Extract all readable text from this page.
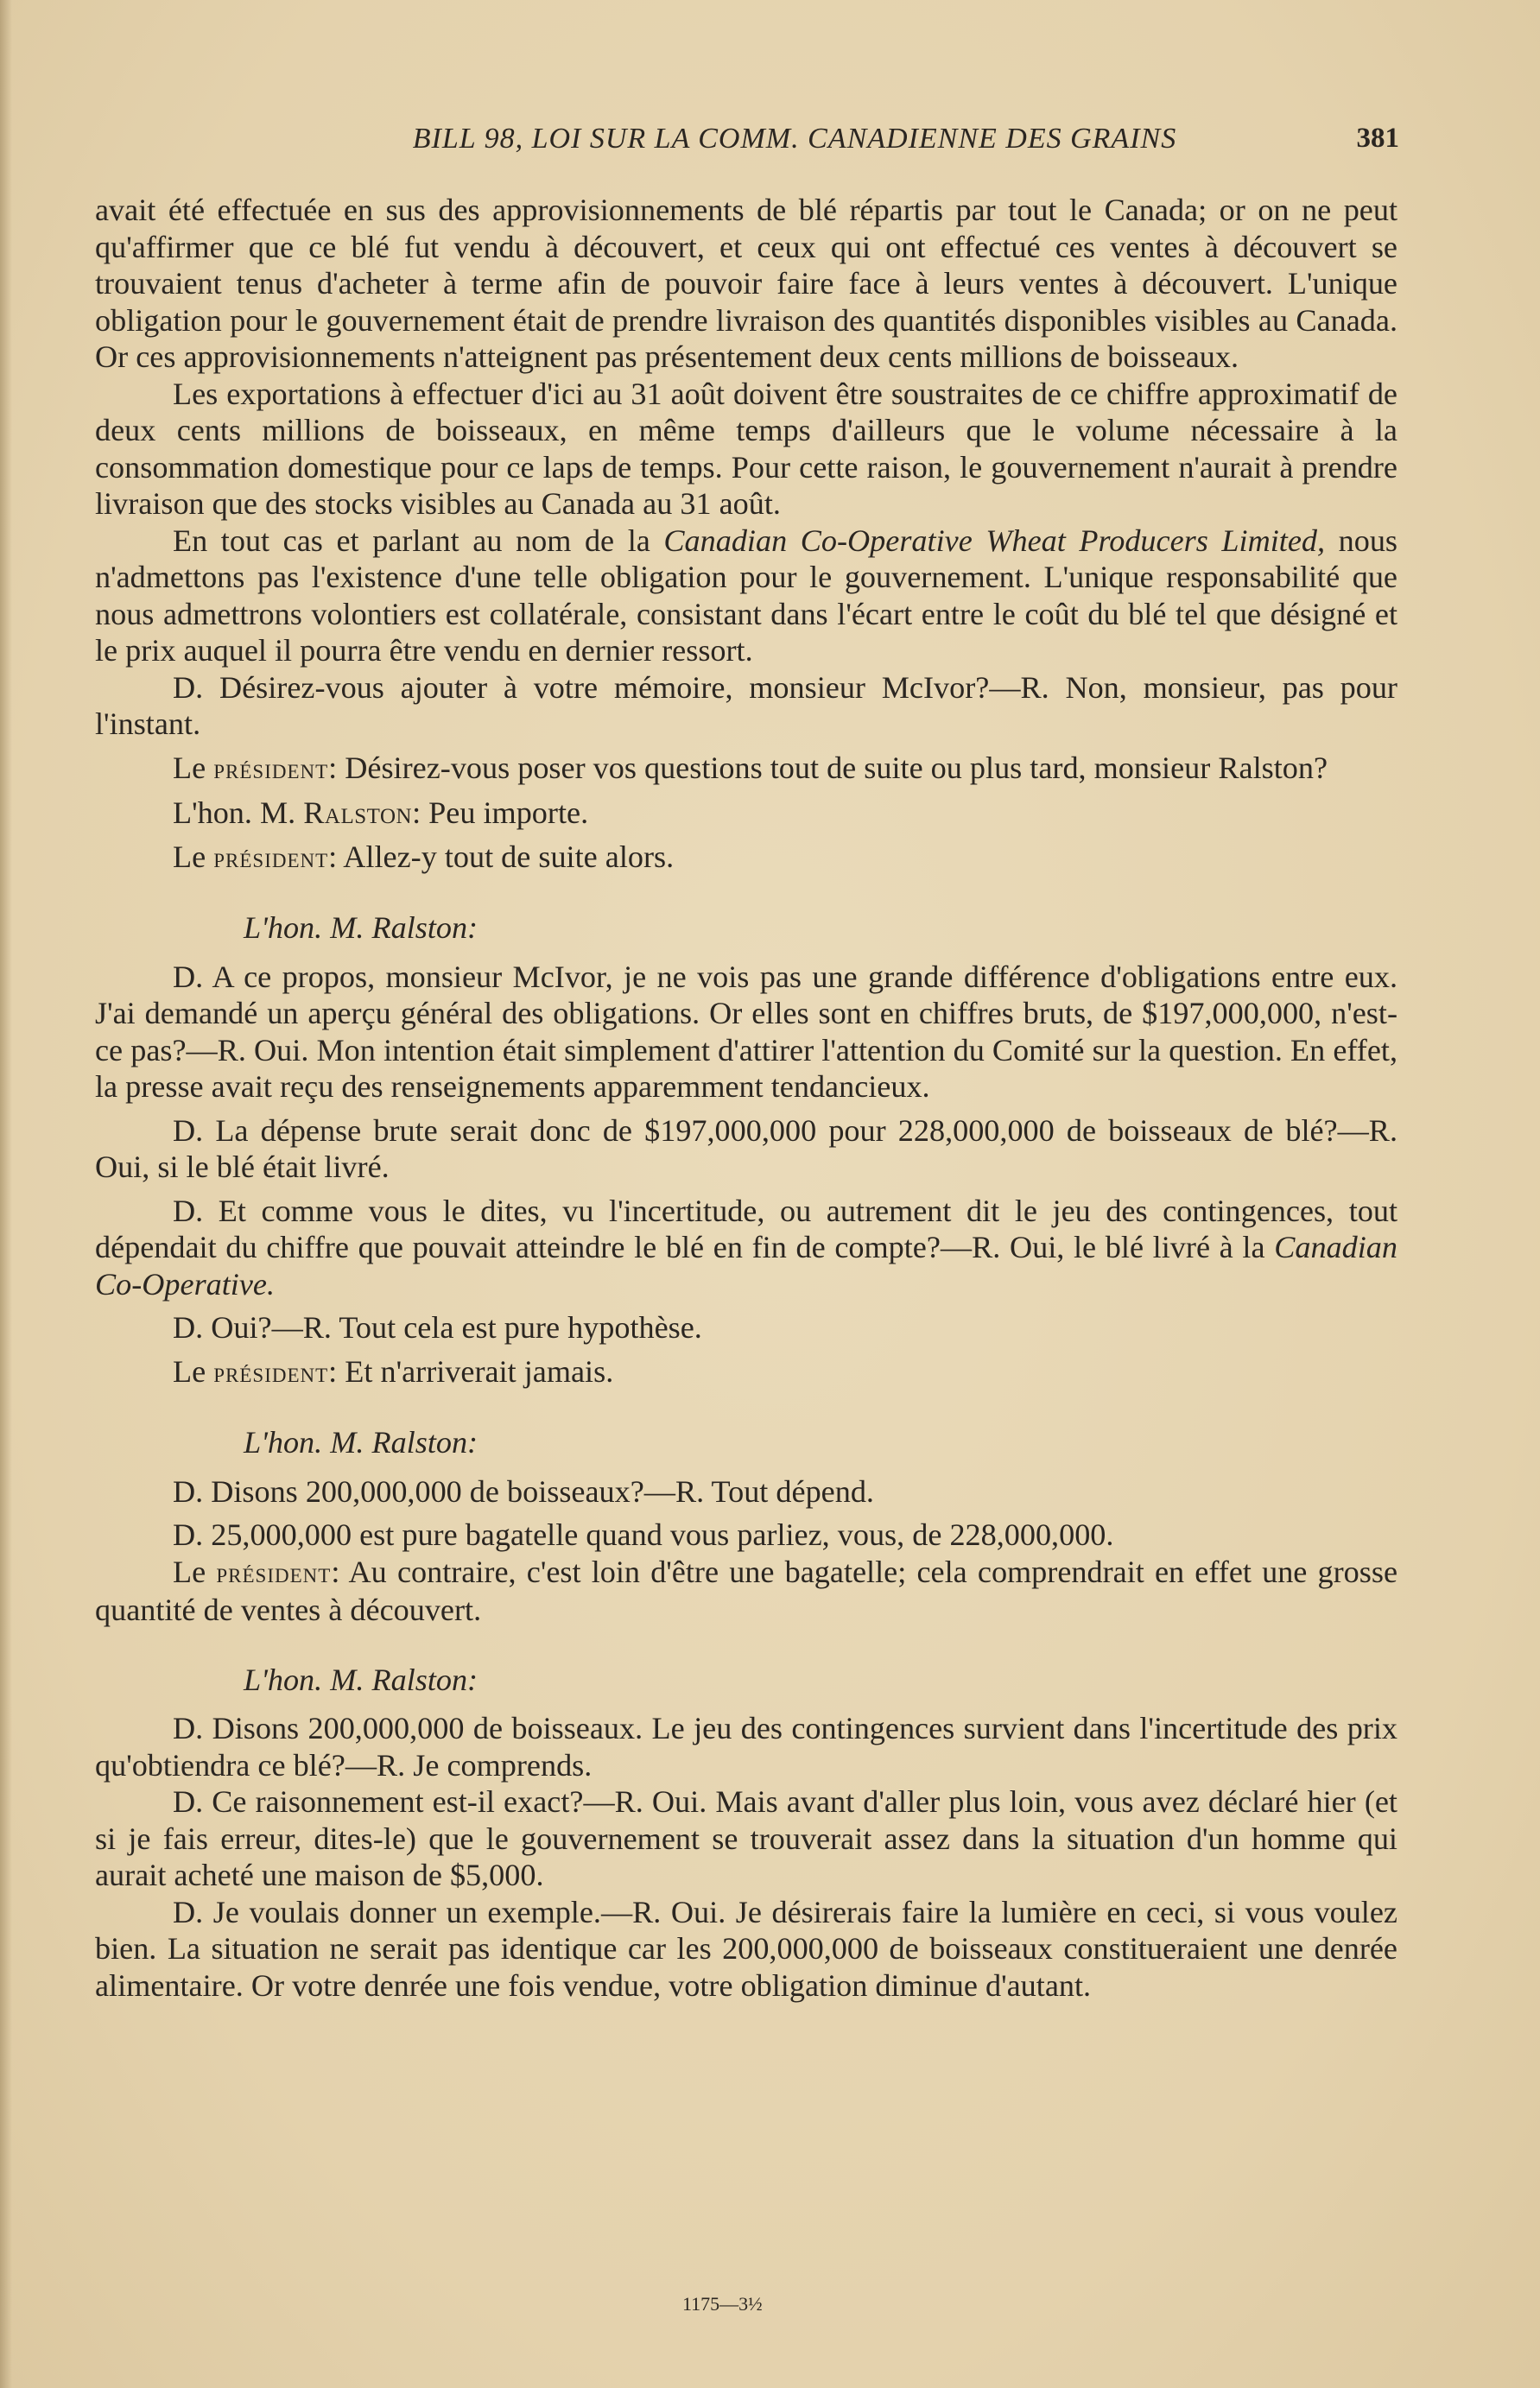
BILL 98, LOI SUR LA COMM. CANADIENNE DES GRAINS	381

avait été effectuée en sus des approvisionnements de blé répartis par tout le Canada; or on ne peut qu'affirmer que ce blé fut vendu à découvert, et ceux qui ont effectué ces ventes à découvert se trouvaient tenus d'acheter à terme afin de pouvoir faire face à leurs ventes à découvert. L'unique obligation pour le gouvernement était de prendre livraison des quantités disponibles visibles au Canada. Or ces approvisionnements n'atteignent pas présentement deux cents millions de boisseaux.

Les exportations à effectuer d'ici au 31 août doivent être soustraites de ce chiffre approximatif de deux cents millions de boisseaux, en même temps d'ailleurs que le volume nécessaire à la consommation domestique pour ce laps de temps. Pour cette raison, le gouvernement n'aurait à prendre livraison que des stocks visibles au Canada au 31 août.

En tout cas et parlant au nom de la Canadian Co-Operative Wheat Producers Limited, nous n'admettons pas l'existence d'une telle obligation pour le gouvernement. L'unique responsabilité que nous admettrons volontiers est collatérale, consistant dans l'écart entre le coût du blé tel que désigné et le prix auquel il pourra être vendu en dernier ressort.

D. Désirez-vous ajouter à votre mémoire, monsieur McIvor?—R. Non, monsieur, pas pour l'instant.

Le président: Désirez-vous poser vos questions tout de suite ou plus tard, monsieur Ralston?

L'hon. M. Ralston: Peu importe.

Le président: Allez-y tout de suite alors.

L'hon. M. Ralston:

D. A ce propos, monsieur McIvor, je ne vois pas une grande différence d'obligations entre eux. J'ai demandé un aperçu général des obligations. Or elles sont en chiffres bruts, de $197,000,000, n'est-ce pas?—R. Oui. Mon intention était simplement d'attirer l'attention du Comité sur la question. En effet, la presse avait reçu des renseignements apparemment tendancieux.

D. La dépense brute serait donc de $197,000,000 pour 228,000,000 de boisseaux de blé?—R. Oui, si le blé était livré.

D. Et comme vous le dites, vu l'incertitude, ou autrement dit le jeu des contingences, tout dépendait du chiffre que pouvait atteindre le blé en fin de compte?—R. Oui, le blé livré à la Canadian Co-Operative.

D. Oui?—R. Tout cela est pure hypothèse.

Le président: Et n'arriverait jamais.

L'hon. M. Ralston:

D. Disons 200,000,000 de boisseaux?—R. Tout dépend.

D. 25,000,000 est pure bagatelle quand vous parliez, vous, de 228,000,000.

Le président: Au contraire, c'est loin d'être une bagatelle; cela comprendrait en effet une grosse quantité de ventes à découvert.

L'hon. M. Ralston:

D. Disons 200,000,000 de boisseaux. Le jeu des contingences survient dans l'incertitude des prix qu'obtiendra ce blé?—R. Je comprends.

D. Ce raisonnement est-il exact?—R. Oui. Mais avant d'aller plus loin, vous avez déclaré hier (et si je fais erreur, dites-le) que le gouvernement se trouverait assez dans la situation d'un homme qui aurait acheté une maison de $5,000.

D. Je voulais donner un exemple.—R. Oui. Je désirerais faire la lumière en ceci, si vous voulez bien. La situation ne serait pas identique car les 200,000,000 de boisseaux constitueraient une denrée alimentaire. Or votre denrée une fois vendue, votre obligation diminue d'autant.

1175—3½
